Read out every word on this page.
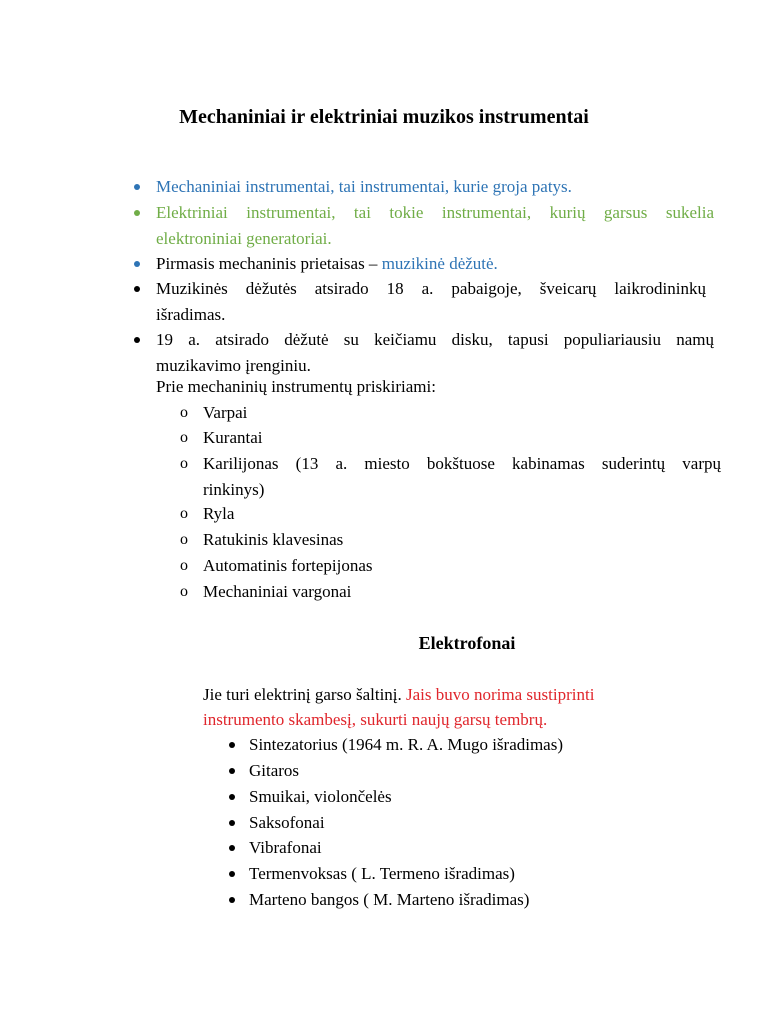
Mechaniniai ir elektriniai muzikos instrumentai
Mechaniniai instrumentai, tai instrumentai, kurie groja patys.
Elektriniai instrumentai, tai tokie instrumentai, kurių garsus sukelia
elektroniniai generatoriai.
Pirmasis mechaninis prietaisas – muzikinė dėžutė.
Muzikinės dėžutės atsirado 18 a. pabaigoje, šveicarų laikrodininkų
išradimas.
19 a. atsirado dėžutė su keičiamu disku, tapusi populiariausiu namų
muzikavimo įrenginiu.
Prie mechaninių instrumentų priskiriami:
o Varpai
o Kurantai
o Karilijonas (13 a. miesto bokštuose kabinamas suderintų varpų
rinkinys)
o Ryla
o Ratukinis klavesinas
o Automatinis fortepijonas
o Mechaniniai vargonai
Elektrofonai
Jie turi elektrinį garso šaltinį. Jais buvo norima sustiprinti
instrumento skambesį, sukurti naujų garsų tembrų.
Sintezatorius (1964 m. R. A. Mugo išradimas)
Gitaros
Smuikai, violončelės
Saksofonai
Vibrafonai
Termenvoksas ( L. Termeno išradimas)
Marteno bangos ( M. Marteno išradimas)
